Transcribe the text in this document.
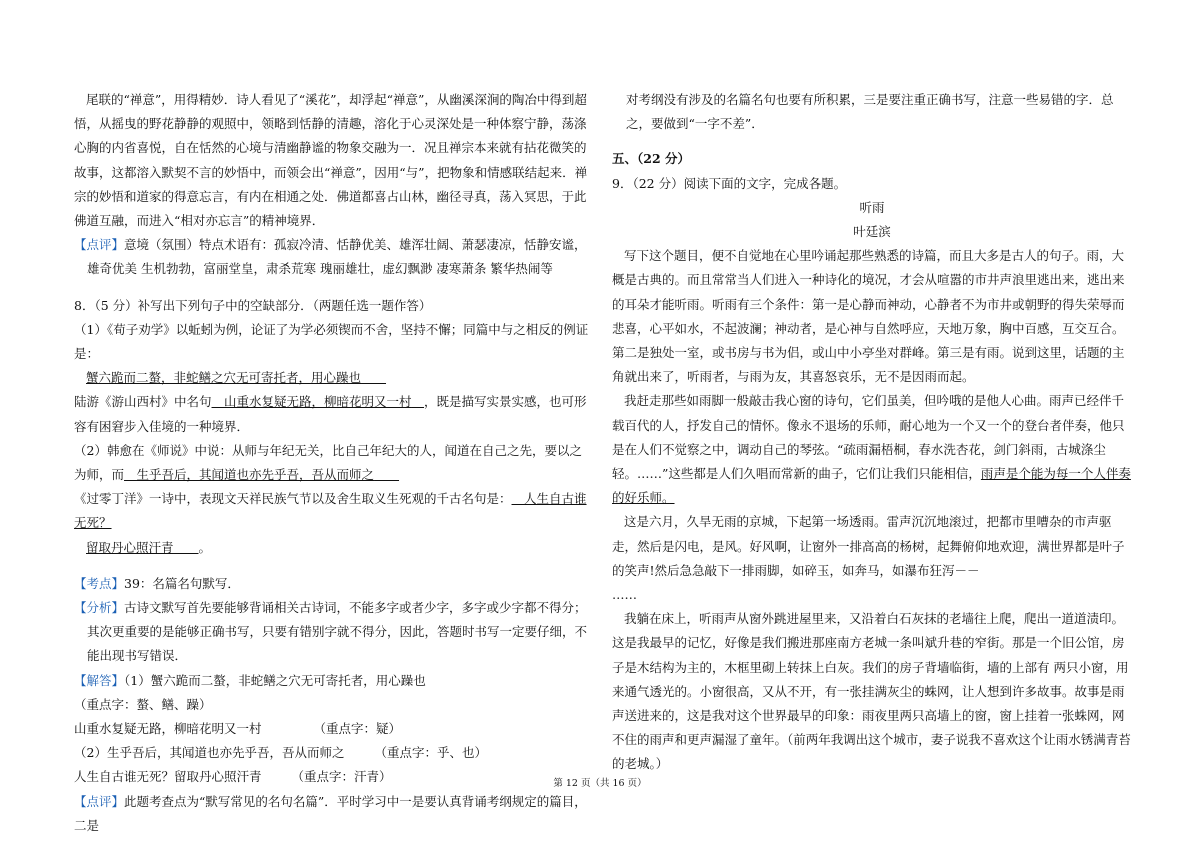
尾联的“禅意”，用得精妙．诗人看见了“溪花”，却浮起“禅意”，从幽溪深涧的陶冶中得到超悟，从摇曳的野花静静的观照中，领略到恬静的清趣，溶化于心灵深处是一种体察宁静，荡涤心胸的内省喜悦，自在恬然的心境与清幽静谧的物象交融为一．况且禅宗本来就有拈花微笑的故事，这都溶入默契不言的妙悟中，而领会出“禅意”，因用“与”，把物象和情感联结起来．禅宗的妙悟和道家的得意忘言，有内在相通之处．佛道都喜占山林，幽径寻真，荡入冥思，于此佛道互融，而进入“相对亦忘言”的精神境界．

【点评】意境（氛围）特点术语有：孤寂冷清、恬静优美、雄浑壮阔、萧瑟凄凉，恬静安谧，雄奇优美 生机勃勃，富丽堂皇，肃杀荒寒 瑰丽雄壮，虚幻飘渺 凄寒萧条 繁华热闹等

8．（5 分）补写出下列句子中的空缺部分．（两题任选一题作答）

（1）《荀子劝学》以蚯蚓为例，论证了为学必须锲而不舍，坚持不懈；同篇中与之相反的例证是：
蟹六跪而二螯，非蛇鳝之穴无可寄托者，用心躁也  

陆游《游山西村》中名句  山重水复疑无路，柳暗花明又一村  ，既是描写实景实感，也可形容有困窘步入佳境的一种境界．

（2）韩愈在《师说》中说：从师与年纪无关，比自己年纪大的人，闻道在自己之先，要以之为师，而  生乎吾后，其闻道也亦先乎吾，吾从而师之  

《过零丁洋》一诗中，表现文天祥民族气节以及舍生取义生死观的千古名句是：  人生自古谁无死？
留取丹心照汗青   。

【考点】39：名篇名句默写．

【分析】古诗文默写首先要能够背诵相关古诗词，不能多字或者少字，多字或少字都不得分；其次更重要的是能够正确书写，只要有错别字就不得分，因此，答题时书写一定要仔细，不能出现书写错误．

【解答】（1）蟹六跪而二螯，非蛇鳝之穴无可寄托者，用心躁也（重点字：螯、鳝、躁）

山重水复疑无路，柳暗花明又一村	（重点字：疑）

（2）生乎吾后，其闻道也亦先乎吾，吾从而师之 （重点字：乎、也）

人生自古谁无死？留取丹心照汗青 （重点字：汗青）

【点评】此题考查点为“默写常见的名句名篇”．平时学习中一是要认真背诵考纲规定的篇目，二是

对考纲没有涉及的名篇名句也要有所积累，三是要注重正确书写，注意一些易错的字．总之，要做到“一字不差”．

五、（22 分）

9．（22 分）阅读下面的文字，完成各题。

听雨

叶廷滨

写下这个题目，便不自觉地在心里吟诵起那些熟悉的诗篇，而且大多是古人的句子。雨，大概是古典的。而且常常当人们进入一种诗化的境况，才会从喧嚣的市井声浪里逃出来，逃出来的耳朵才能听雨。听雨有三个条件：第一是心静而神动，心静者不为市井或朝野的得失荣辱而悲喜，心平如水，不起波澜；神动者，是心神与自然呼应，天地万象，胸中百感，互交互合。第二是独处一室，或书房与书为侣，或山中小亭坐对群峰。第三是有雨。说到这里，话题的主角就出来了，听雨者，与雨为友，其喜怒哀乐，无不是因雨而起。

我赶走那些如雨脚一般敲击我心窗的诗句，它们虽美，但吟哦的是他人心曲。雨声已经伴千载百代的人，抒发自己的情怀。像永不退场的乐师，耐心地为一个又一个的登台者伴奏，他只是在人们不觉察之中，调动自己的琴弦。“疏雨漏梧桐，春水洗杏花，剑门斜雨，古城涤尘轻。……”这些都是人们久唱而常新的曲子，它们让我们只能相信，雨声是个能为每一个人伴奏的好乐师。

这是六月，久旱无雨的京城，下起第一场透雨。雷声沉沉地滚过，把都市里嘈杂的市声驱走，然后是闪电，是风。好风啊，让窗外一排高高的杨树，起舞俯仰地欢迎，满世界都是叶子的笑声!然后急急敲下一排雨脚，如碎玉，如奔马，如瀑布狂泻－－

……

我躺在床上，听雨声从窗外跳进屋里来，又沿着白石灰抹的老墙往上爬，爬出一道道渍印。这是我最早的记忆，好像是我们搬进那座南方老城一条叫斌升巷的窄街。那是一个旧公馆，房子是木结构为主的，木框里砌上转抹上白灰。我们的房子背墙临街，墙的上部有 两只小窗，用来通气透光的。小窗很高，又从不开，有一张挂满灰尘的蛛网，让人想到许多故事。故事是雨声送进来的，这是我对这个世界最早的印象：雨夜里两只高墙上的窗，窗上挂着一张蛛网，网不住的雨声和更声漏湿了童年。（前两年我调出这个城市，妻子说我不喜欢这个让雨水锈满青苔的老城。）

第 12 页（共 16 页）
